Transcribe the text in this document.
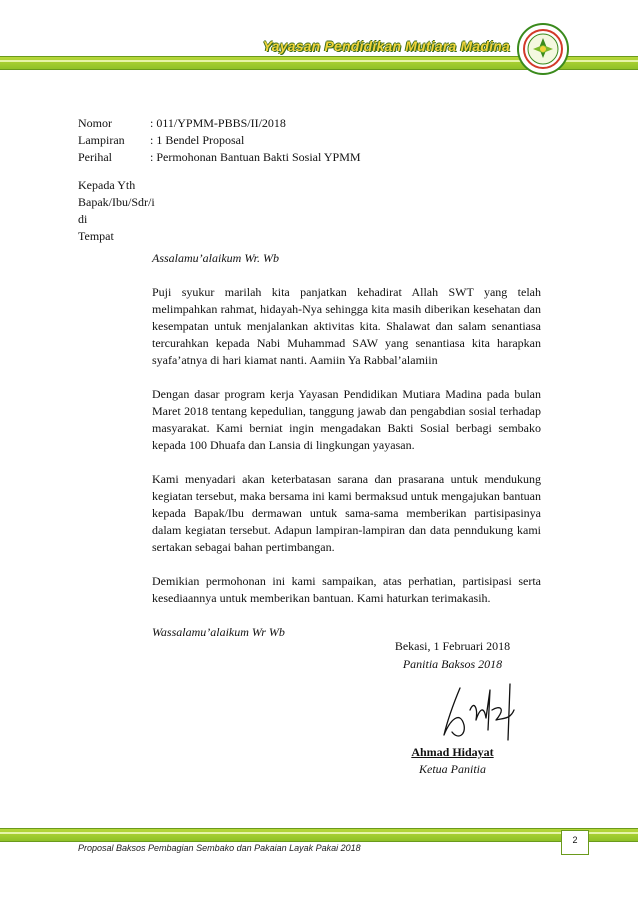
Yayasan Pendidikan Mutiara Madina
Nomor	: 011/YPMM-PBBS/II/2018
Lampiran	: 1 Bendel Proposal
Perihal	: Permohonan Bantuan Bakti Sosial YPMM
Kepada Yth
Bapak/Ibu/Sdr/i
di
Tempat

Assalamu’alaikum Wr. Wb

Puji syukur marilah kita panjatkan kehadirat Allah SWT yang telah melimpahkan rahmat, hidayah-Nya sehingga kita masih diberikan kesehatan dan kesempatan untuk menjalankan aktivitas kita. Shalawat dan salam senantiasa tercurahkan kepada Nabi Muhammad SAW yang senantiasa kita harapkan syafa’atnya di hari kiamat nanti. Aamiin Ya Rabbal’alamiin

Dengan dasar program kerja Yayasan Pendidikan Mutiara Madina pada bulan Maret 2018 tentang kepedulian, tanggung jawab dan pengabdian sosial terhadap masyarakat. Kami berniat ingin mengadakan Bakti Sosial berbagi sembako kepada 100 Dhuafa dan Lansia di lingkungan yayasan.

Kami menyadari akan keterbatasan sarana dan prasarana untuk mendukung kegiatan tersebut, maka bersama ini kami bermaksud untuk mengajukan bantuan kepada Bapak/Ibu dermawan untuk sama-sama memberikan partisipasinya dalam kegiatan tersebut. Adapun lampiran-lampiran dan data penndukung kami sertakan sebagai bahan pertimbangan.

Demikian permohonan ini kami sampaikan, atas perhatian, partisipasi serta kesediaannya untuk memberikan bantuan. Kami haturkan terimakasih.

Wassalamu’alaikum Wr Wb

Bekasi, 1 Februari 2018
Panitia Baksos 2018
Ahmad Hidayat
Ketua Panitia
2
Proposal Baksos Pembagian Sembako dan Pakaian Layak Pakai 2018
